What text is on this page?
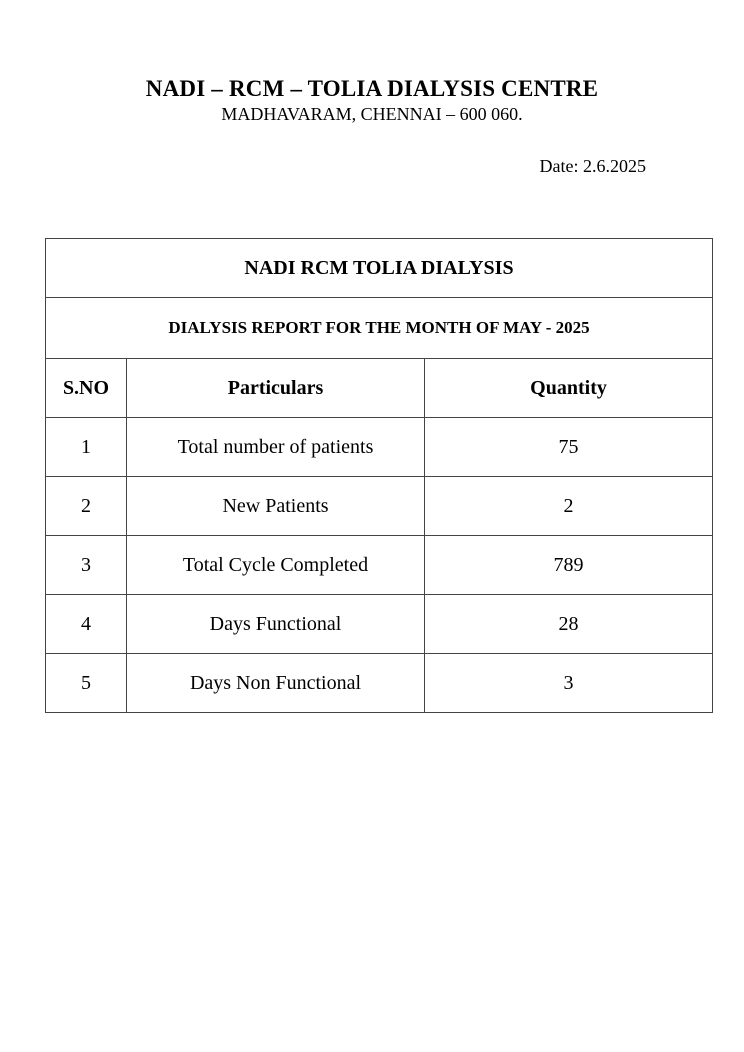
NADI – RCM – TOLIA DIALYSIS CENTRE
MADHAVARAM, CHENNAI – 600 060.
Date: 2.6.2025
NADI RCM TOLIA DIALYSIS		
DIALYSIS REPORT FOR THE MONTH OF MAY - 2025		
S.NO	Particulars	Quantity
1	Total number of patients	75
2	New Patients	2
3	Total Cycle Completed	789
4	Days Functional	28
5	Days Non Functional	3
